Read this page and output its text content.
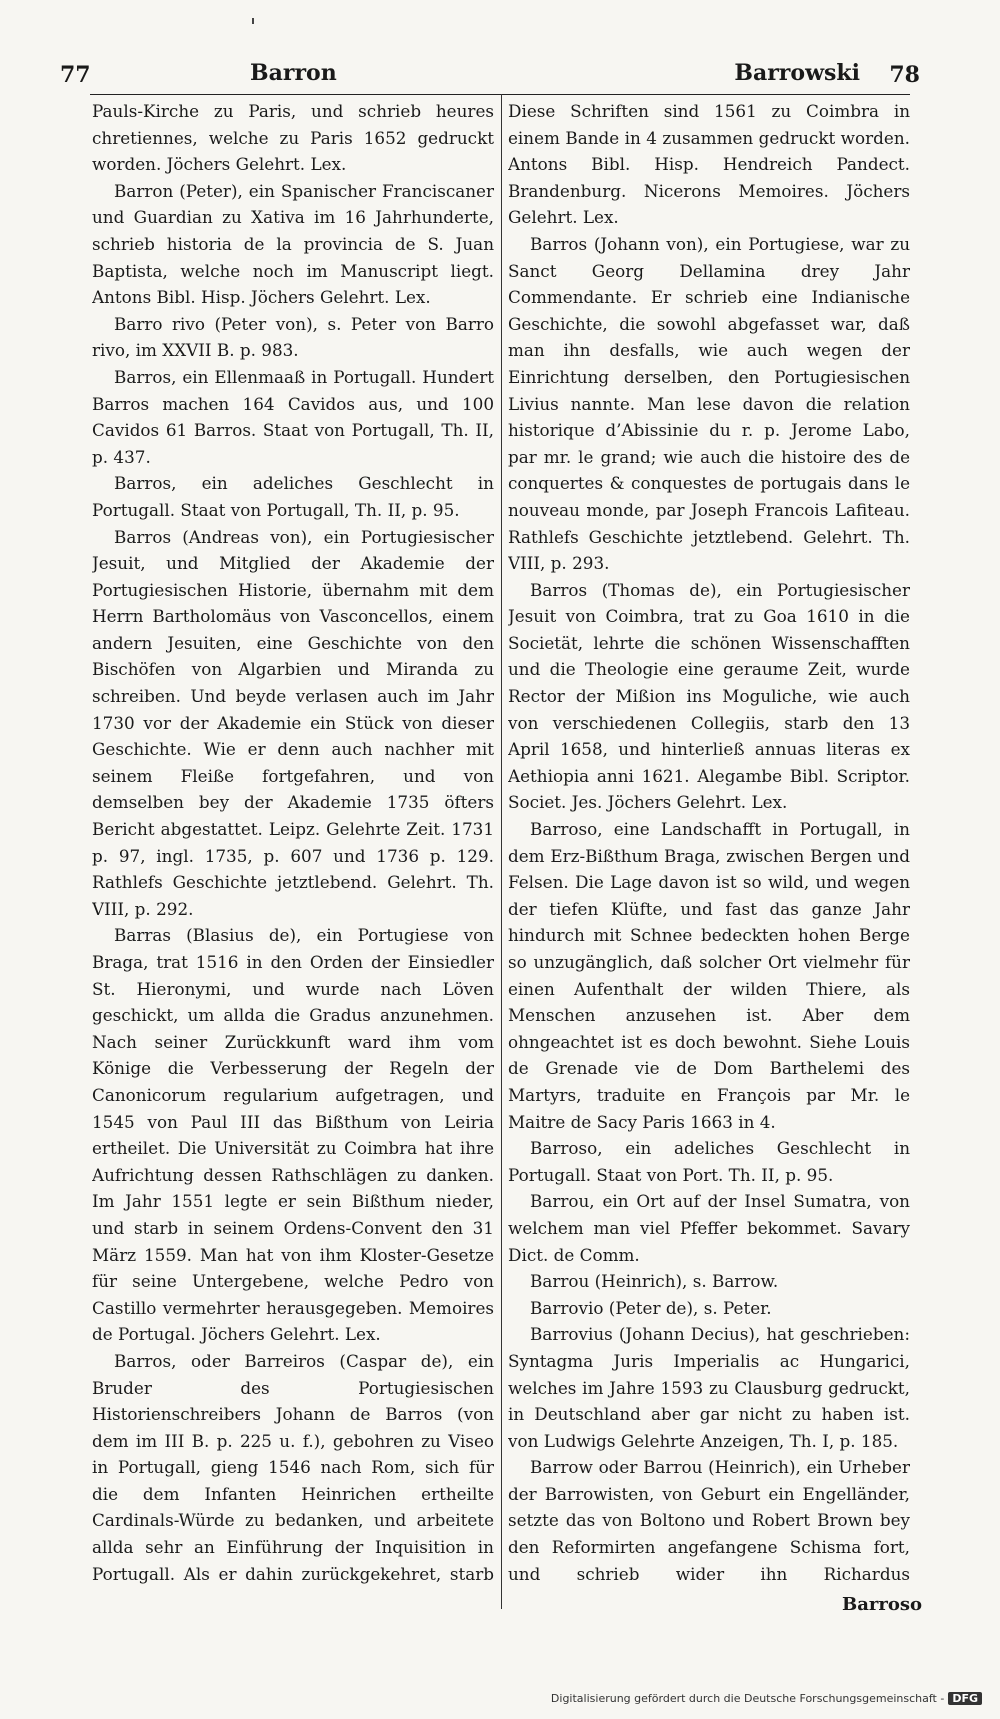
77	Barron	Barrowski 78

Pauls-Kirche zu Paris, und schrieb heures chretiennes, welche zu Paris 1652 gedruckt worden. Jöchers Gelehrt. Lex.

Barron (Peter), ein Spanischer Franciscaner und Guardian zu Xativa im 16 Jahrhunderte, schrieb historia de la provincia de S. Juan Baptista, welche noch im Manuscript liegt. Antons Bibl. Hisp. Jöchers Gelehrt. Lex.

Barro rivo (Peter von), s. Peter von Barro rivo, im XXVII B. p. 983.

Barros, ein Ellenmaaß in Portugall. Hundert Barros machen 164 Cavidos aus, und 100 Cavidos 61 Barros. Staat von Portugall, Th. II, p. 437.

Barros, ein adeliches Geschlecht in Portugall. Staat von Portugall, Th. II, p. 95.

Barros (Andreas von), ein Portugiesischer Jesuit, und Mitglied der Akademie der Portugiesischen Historie, übernahm mit dem Herrn Bartholomäus von Vasconcellos, einem andern Jesuiten, eine Geschichte von den Bischöfen von Algarbien und Miranda zu schreiben. Und beyde verlasen auch im Jahr 1730 vor der Akademie ein Stück von dieser Geschichte. Wie er denn auch nachher mit seinem Fleiße fortgefahren, und von demselben bey der Akademie 1735 öfters Bericht abgestattet. Leipz. Gelehrte Zeit. 1731 p. 97, ingl. 1735, p. 607 und 1736 p. 129. Rathlefs Geschichte jetztlebend. Gelehrt. Th. VIII, p. 292.

Barras (Blasius de), ein Portugiese von Braga, trat 1516 in den Orden der Einsiedler St. Hieronymi, und wurde nach Löven geschickt, um allda die Gradus anzunehmen. Nach seiner Zurückkunft ward ihm vom Könige die Verbesserung der Regeln der Canonicorum regularium aufgetragen, und 1545 von Paul III das Bißthum von Leiria ertheilet. Die Universität zu Coimbra hat ihre Aufrichtung dessen Rathschlägen zu danken. Im Jahr 1551 legte er sein Bißthum nieder, und starb in seinem Ordens-Convent den 31 März 1559. Man hat von ihm Kloster-Gesetze für seine Untergebene, welche Pedro von Castillo vermehrter herausgegeben. Memoires de Portugal. Jöchers Gelehrt. Lex.

Barros, oder Barreiros (Caspar de), ein Bruder des Portugiesischen Historienschreibers Johann de Barros (von dem im III B. p. 225 u. f.), gebohren zu Viseo in Portugall, gieng 1546 nach Rom, sich für die dem Infanten Heinrichen ertheilte Cardinals-Würde zu bedanken, und arbeitete allda sehr an Einführung der Inquisition in Portugall. Als er dahin zurückgekehret, starb

Diese Schriften sind 1561 zu Coimbra in einem Bande in 4 zusammen gedruckt worden. Antons Bibl. Hisp. Hendreich Pandect. Brandenburg. Nicerons Memoires. Jöchers Gelehrt. Lex.

Barros (Johann von), ein Portugiese, war zu Sanct Georg Dellamina drey Jahr Commendante. Er schrieb eine Indianische Geschichte, die sowohl abgefasset war, daß man ihn desfalls, wie auch wegen der Einrichtung derselben, den Portugiesischen Livius nannte. Man lese davon die relation historique d’Abissinie du r. p. Jerome Labo, par mr. le grand; wie auch die histoire des de conquertes & conquestes de portugais dans le nouveau monde, par Joseph Francois Lafiteau. Rathlefs Geschichte jetztlebend. Gelehrt. Th. VIII, p. 293.

Barros (Thomas de), ein Portugiesischer Jesuit von Coimbra, trat zu Goa 1610 in die Societät, lehrte die schönen Wissenschafften und die Theologie eine geraume Zeit, wurde Rector der Mißion ins Moguliche, wie auch von verschiedenen Collegiis, starb den 13 April 1658, und hinterließ annuas literas ex Aethiopia anni 1621. Alegambe Bibl. Scriptor. Societ. Jes. Jöchers Gelehrt. Lex.

Barroso, eine Landschafft in Portugall, in dem Erz-Bißthum Braga, zwischen Bergen und Felsen. Die Lage davon ist so wild, und wegen der tiefen Klüfte, und fast das ganze Jahr hindurch mit Schnee bedeckten hohen Berge so unzugänglich, daß solcher Ort vielmehr für einen Aufenthalt der wilden Thiere, als Menschen anzusehen ist. Aber dem ohngeachtet ist es doch bewohnt. Siehe Louis de Grenade vie de Dom Barthelemi des Martyrs, traduite en François par Mr. le Maitre de Sacy Paris 1663 in 4.

Barroso, ein adeliches Geschlecht in Portugall. Staat von Port. Th. II, p. 95.

Barrou, ein Ort auf der Insel Sumatra, von welchem man viel Pfeffer bekommet. Savary Dict. de Comm.

Barrou (Heinrich), s. Barrow.

Barrovio (Peter de), s. Peter.

Barrovius (Johann Decius), hat geschrieben: Syntagma Juris Imperialis ac Hungarici, welches im Jahre 1593 zu Clausburg gedruckt, in Deutschland aber gar nicht zu haben ist. von Ludwigs Gelehrte Anzeigen, Th. I, p. 185.

Barrow oder Barrou (Heinrich), ein Urheber der Barrowisten, von Geburt ein Engelländer, setzte das von Boltono und Robert Brown bey den Reformirten angefangene Schisma fort, und schrieb wider ihn Richardus

Barroso
Digitalisierung gefördert durch die Deutsche Forschungsgemeinschaft - DFG
